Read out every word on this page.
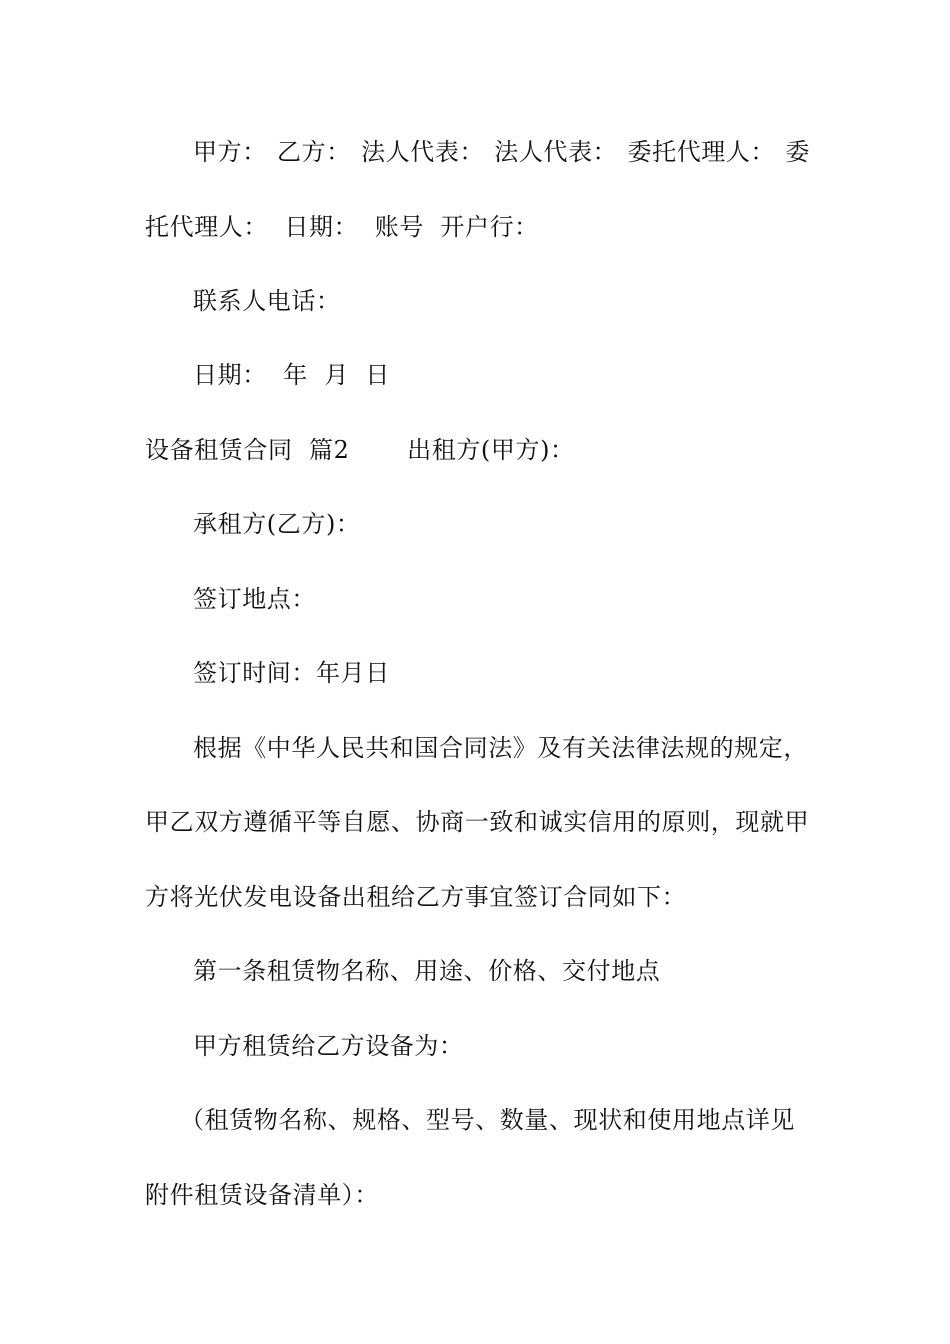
甲方： 乙方： 法人代表： 法人代表： 委托代理人： 委
托代理人：  日期：  账号  开户行：
联系人电话：
日期：  年  月  日
设备租赁合同  篇2       出租方(甲方)：
承租方(乙方)：
签订地点：
签订时间：年月日
根据《中华人民共和国合同法》及有关法律法规的规定，
甲乙双方遵循平等自愿、协商一致和诚实信用的原则，现就甲
方将光伏发电设备出租给乙方事宜签订合同如下：
第一条租赁物名称、用途、价格、交付地点
甲方租赁给乙方设备为：
（租赁物名称、规格、型号、数量、现状和使用地点详见
附件租赁设备清单）：
